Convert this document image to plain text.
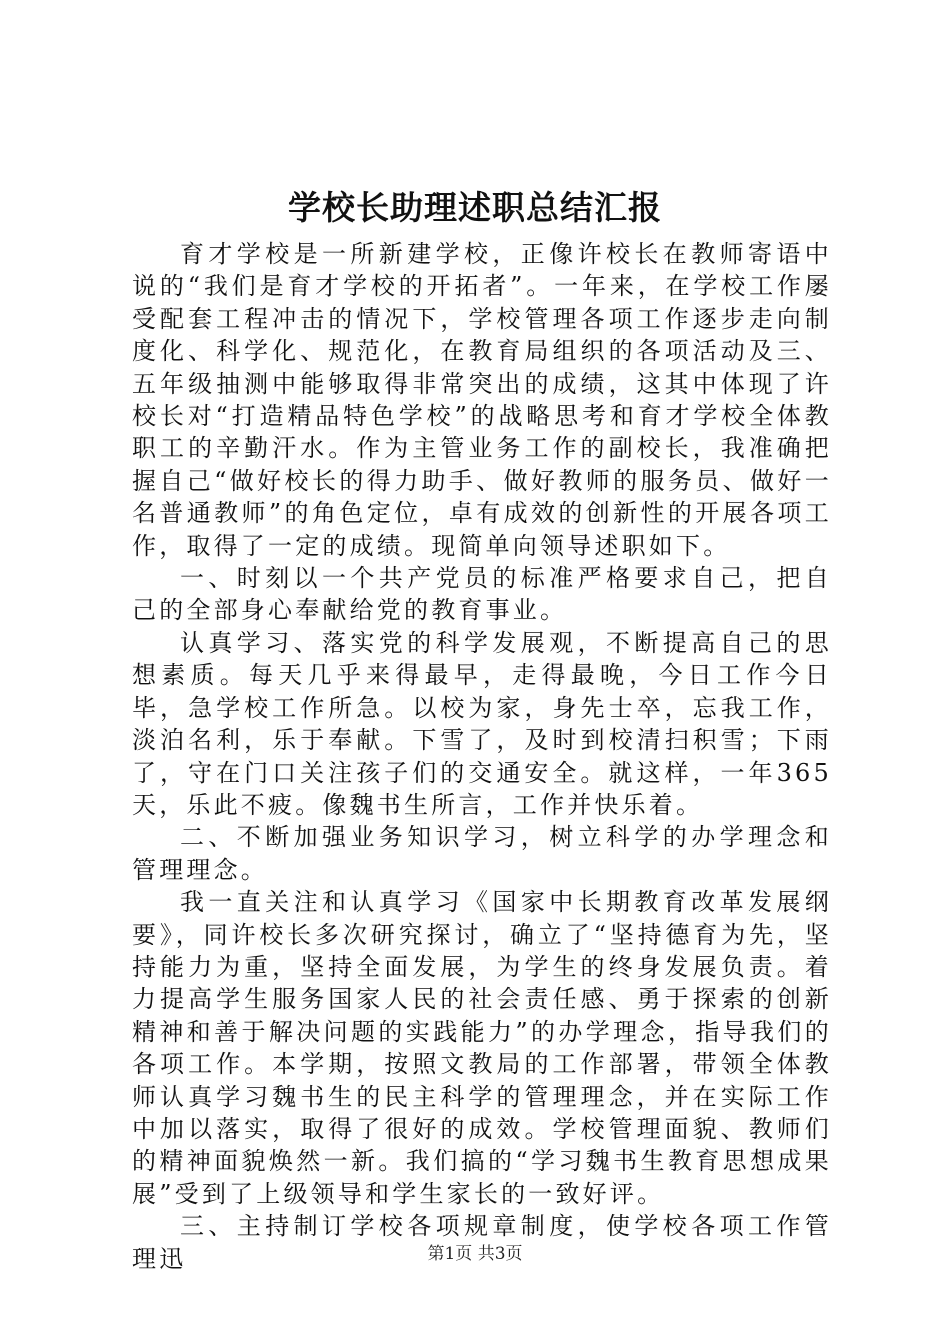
学校长助理述职总结汇报

育才学校是一所新建学校，正像许校长在教师寄语中说的“我们是育才学校的开拓者”。一年来，在学校工作屡受配套工程冲击的情况下，学校管理各项工作逐步走向制度化、科学化、规范化，在教育局组织的各项活动及三、五年级抽测中能够取得非常突出的成绩，这其中体现了许校长对“打造精品特色学校”的战略思考和育才学校全体教职工的辛勤汗水。作为主管业务工作的副校长，我准确把握自己“做好校长的得力助手、做好教师的服务员、做好一名普通教师”的角色定位，卓有成效的创新性的开展各项工作，取得了一定的成绩。现简单向领导述职如下。

一、时刻以一个共产党员的标准严格要求自己，把自己的全部身心奉献给党的教育事业。

认真学习、落实党的科学发展观，不断提高自己的思想素质。每天几乎来得最早，走得最晚，今日工作今日毕，急学校工作所急。以校为家，身先士卒，忘我工作，淡泊名利，乐于奉献。下雪了，及时到校清扫积雪；下雨了，守在门口关注孩子们的交通安全。就这样，一年365天，乐此不疲。像魏书生所言，工作并快乐着。

二、不断加强业务知识学习，树立科学的办学理念和管理理念。

我一直关注和认真学习《国家中长期教育改革发展纲要》，同许校长多次研究探讨，确立了“坚持德育为先，坚持能力为重，坚持全面发展，为学生的终身发展负责。着力提高学生服务国家人民的社会责任感、勇于探索的创新精神和善于解决问题的实践能力”的办学理念，指导我们的各项工作。本学期，按照文教局的工作部署，带领全体教师认真学习魏书生的民主科学的管理理念，并在实际工作中加以落实，取得了很好的成效。学校管理面貌、教师们的精神面貌焕然一新。我们搞的“学习魏书生教育思想成果展”受到了上级领导和学生家长的一致好评。

三、主持制订学校各项规章制度，使学校各项工作管理迅	第1页 共3页
